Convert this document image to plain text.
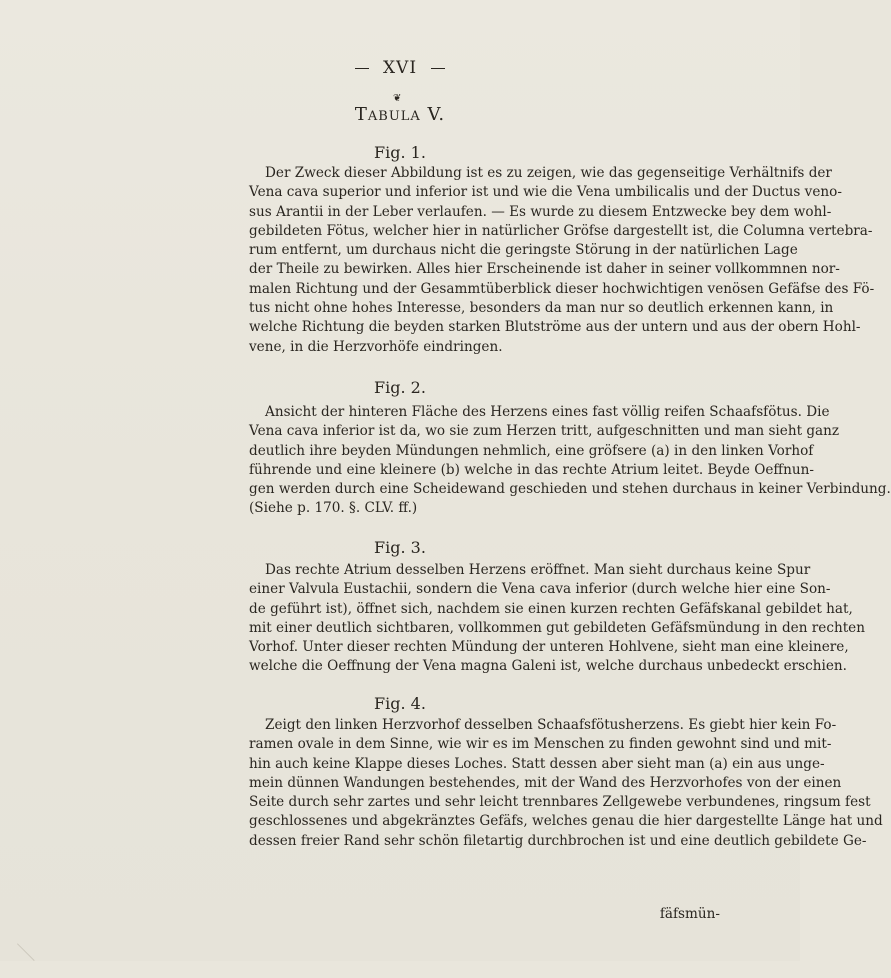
XVI
❦
Tabula V.
Fig. 1.
Der Zweck dieser Abbildung ist es zu zeigen, wie das gegenseitige Verhältnifs der
Vena cava superior und inferior ist und wie die Vena umbilicalis und der Ductus veno-
sus Arantii in der Leber verlaufen. — Es wurde zu diesem Entzwecke bey dem wohl-
gebildeten Fötus, welcher hier in natürlicher Gröfse dargestellt ist, die Columna vertebra-
rum entfernt, um durchaus nicht die geringste Störung in der natürlichen Lage
der Theile zu bewirken. Alles hier Erscheinende ist daher in seiner vollkommnen nor-
malen Richtung und der Gesammtüberblick dieser hochwichtigen venösen Gefäfse des Fö-
tus nicht ohne hohes Interesse, besonders da man nur so deutlich erkennen kann, in
welche Richtung die beyden starken Blutströme aus der untern und aus der obern Hohl-
vene, in die Herzvorhöfe eindringen.
Fig. 2.
Ansicht der hinteren Fläche des Herzens eines fast völlig reifen Schaafsfötus. Die
Vena cava inferior ist da, wo sie zum Herzen tritt, aufgeschnitten und man sieht ganz
deutlich ihre beyden Mündungen nehmlich, eine gröfsere (a) in den linken Vorhof
führende und eine kleinere (b) welche in das rechte Atrium leitet. Beyde Oeffnun-
gen werden durch eine Scheidewand geschieden und stehen durchaus in keiner Verbindung.
(Siehe p. 170. §. CLV. ff.)
Fig. 3.
Das rechte Atrium desselben Herzens eröffnet. Man sieht durchaus keine Spur
einer Valvula Eustachii, sondern die Vena cava inferior (durch welche hier eine Son-
de geführt ist), öffnet sich, nachdem sie einen kurzen rechten Gefäfskanal gebildet hat,
mit einer deutlich sichtbaren, vollkommen gut gebildeten Gefäfsmündung in den rechten
Vorhof. Unter dieser rechten Mündung der unteren Hohlvene, sieht man eine kleinere,
welche die Oeffnung der Vena magna Galeni ist, welche durchaus unbedeckt erschien.
Fig. 4.
Zeigt den linken Herzvorhof desselben Schaafsfötusherzens. Es giebt hier kein Fo-
ramen ovale in dem Sinne, wie wir es im Menschen zu finden gewohnt sind und mit-
hin auch keine Klappe dieses Loches. Statt dessen aber sieht man (a) ein aus unge-
mein dünnen Wandungen bestehendes, mit der Wand des Herzvorhofes von der einen
Seite durch sehr zartes und sehr leicht trennbares Zellgewebe verbundenes, ringsum fest
geschlossenes und abgekränztes Gefäfs, welches genau die hier dargestellte Länge hat und
dessen freier Rand sehr schön filetartig durchbrochen ist und eine deutlich gebildete Ge-
fäfsmün-
